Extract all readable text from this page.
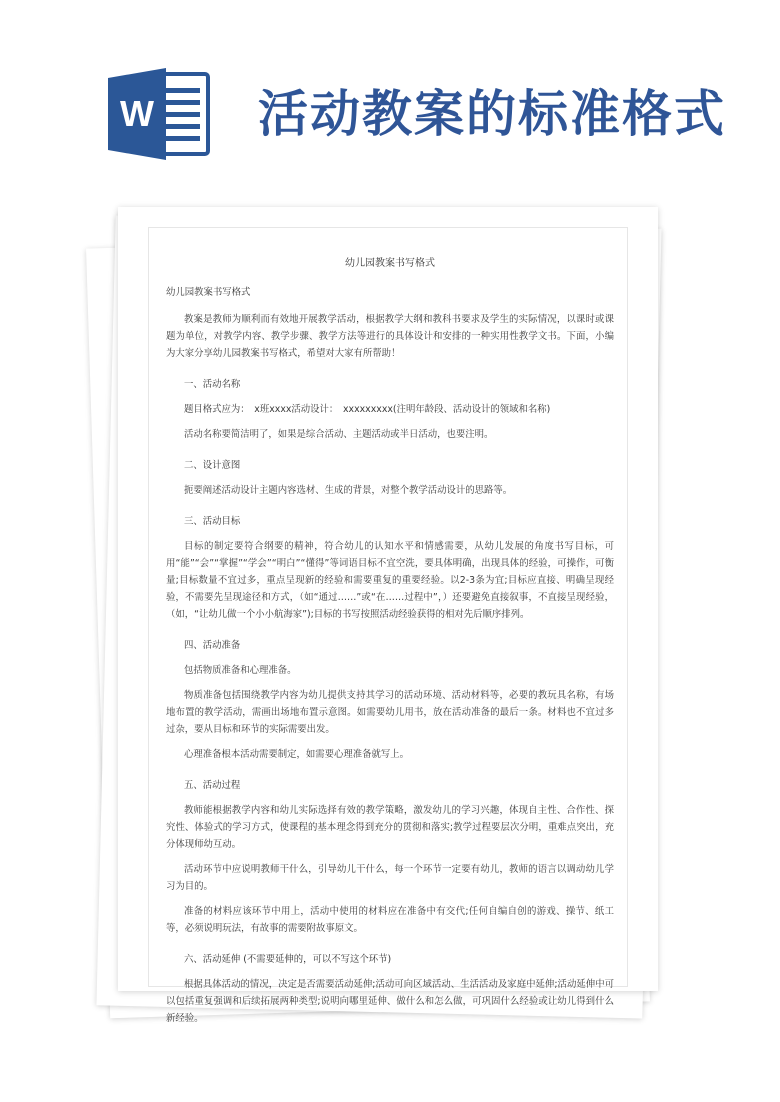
W 活动教案的标准格式
幼儿园教案书写格式
幼儿园教案书写格式

教案是教师为顺利而有效地开展教学活动，根据教学大纲和教科书要求及学生的实际情况，以课时或课题为单位，对教学内容、教学步骤、教学方法等进行的具体设计和安排的一种实用性教学文书。下面，小编为大家分享幼儿园教案书写格式，希望对大家有所帮助！

一、活动名称

题目格式应为：　x班xxxx活动设计：　xxxxxxxxx(注明年龄段、活动设计的领域和名称)

活动名称要简洁明了，如果是综合活动、主题活动或半日活动，也要注明。

二、设计意图

扼要阐述活动设计主题内容选材、生成的背景，对整个教学活动设计的思路等。

三、活动目标

目标的制定要符合纲要的精神，符合幼儿的认知水平和情感需要，从幼儿发展的角度书写目标，可用“能”“会”“掌握”“学会”“明白”“懂得”等词语目标不宜空洗，要具体明确，出现具体的经验，可操作，可衡量;目标数量不宜过多，重点呈现新的经验和需要重复的重要经验。以2-3条为宜;目标应直接、明确呈现经验，不需要先呈现途径和方式，（如“通过……”或“在……过程中”，）还要避免直接叙事，不直接呈现经验，（如，“让幼儿做一个小小航海家”);目标的书写按照活动经验获得的相对先后顺序排列。

四、活动准备

包括物质准备和心理准备。

物质准备包括围绕教学内容为幼儿提供支持其学习的活动环境、活动材料等，必要的教玩具名称，有场地布置的教学活动，需画出场地布置示意图。如需要幼儿用书，放在活动准备的最后一条。材料也不宜过多过杂，要从目标和环节的实际需要出发。

心理准备根本活动需要制定，如需要心理准备就写上。

五、活动过程

教师能根据教学内容和幼儿实际选择有效的教学策略，激发幼儿的学习兴趣，体现自主性、合作性、探究性、体验式的学习方式，使课程的基本理念得到充分的贯彻和落实;教学过程要层次分明，重难点突出，充分体现师幼互动。

活动环节中应说明教师干什么，引导幼儿干什么，每一个环节一定要有幼儿，教师的语言以调动幼儿学习为目的。

准备的材料应该环节中用上，活动中使用的材料应在准备中有交代;任何自编自创的游戏、操节、纸工等，必须说明玩法，有故事的需要附故事原文。

六、活动延伸 (不需要延伸的，可以不写这个环节)

根据具体活动的情况，决定是否需要活动延伸;活动可向区域活动、生活活动及家庭中延伸;活动延伸中可以包括重复强调和后续拓展两种类型;说明向哪里延伸、做什么和怎么做，可巩固什么经验或让幼儿得到什么新经验。
